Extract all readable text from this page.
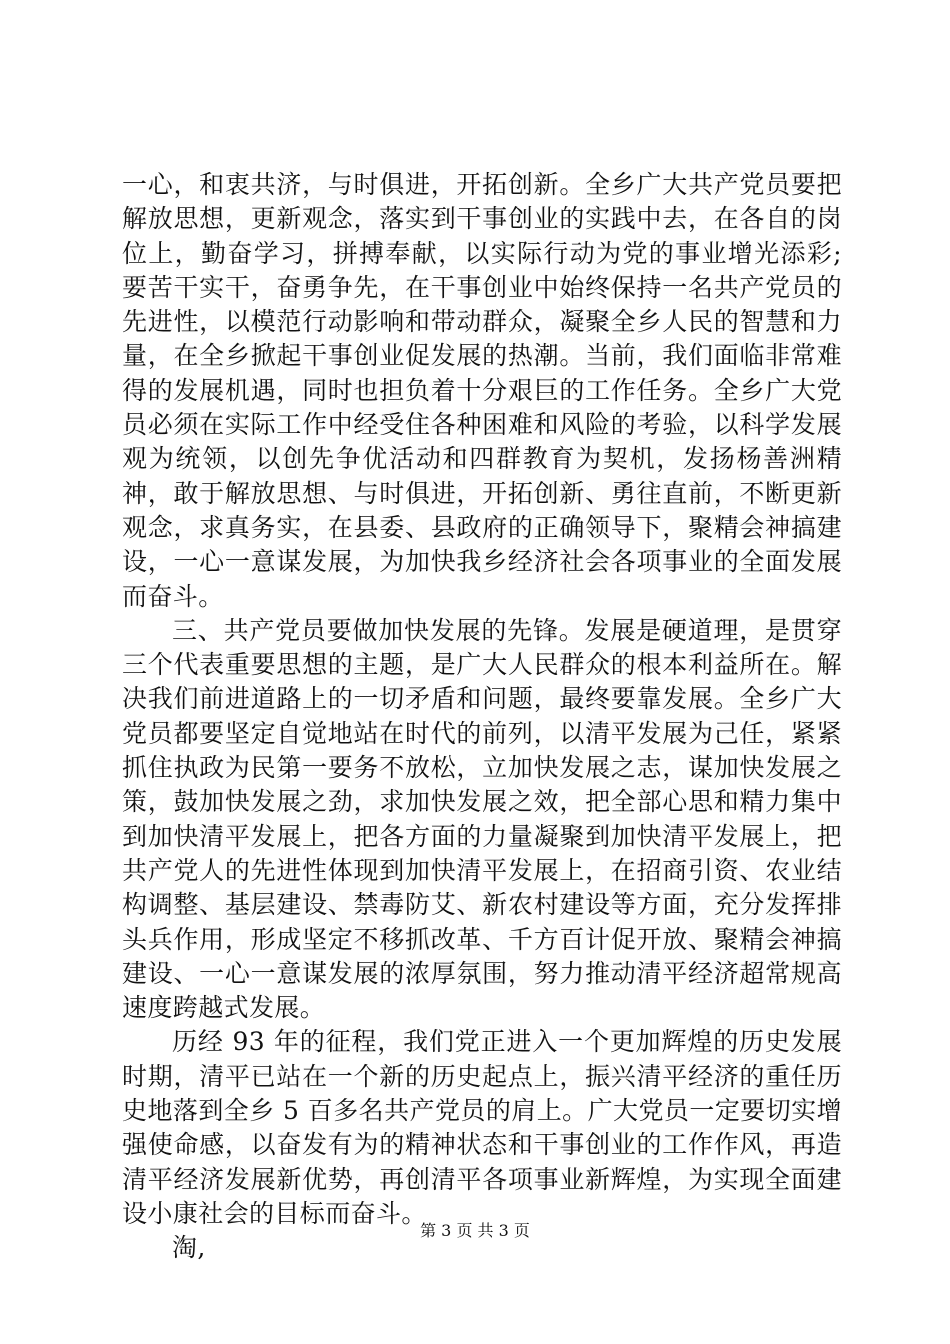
一心，和衷共济，与时俱进，开拓创新。全乡广大共产党员要把解放思想，更新观念，落实到干事创业的实践中去，在各自的岗位上，勤奋学习，拼搏奉献，以实际行动为党的事业增光添彩;要苦干实干，奋勇争先，在干事创业中始终保持一名共产党员的先进性，以模范行动影响和带动群众，凝聚全乡人民的智慧和力量，在全乡掀起干事创业促发展的热潮。当前，我们面临非常难得的发展机遇，同时也担负着十分艰巨的工作任务。全乡广大党员必须在实际工作中经受住各种困难和风险的考验，以科学发展观为统领，以创先争优活动和四群教育为契机，发扬杨善洲精神，敢于解放思想、与时俱进，开拓创新、勇往直前，不断更新观念，求真务实，在县委、县政府的正确领导下，聚精会神搞建设，一心一意谋发展，为加快我乡经济社会各项事业的全面发展而奋斗。

三、共产党员要做加快发展的先锋。发展是硬道理，是贯穿三个代表重要思想的主题，是广大人民群众的根本利益所在。解决我们前进道路上的一切矛盾和问题，最终要靠发展。全乡广大党员都要坚定自觉地站在时代的前列，以清平发展为己任，紧紧抓住执政为民第一要务不放松，立加快发展之志，谋加快发展之策，鼓加快发展之劲，求加快发展之效，把全部心思和精力集中到加快清平发展上，把各方面的力量凝聚到加快清平发展上，把共产党人的先进性体现到加快清平发展上，在招商引资、农业结构调整、基层建设、禁毒防艾、新农村建设等方面，充分发挥排头兵作用，形成坚定不移抓改革、千方百计促开放、聚精会神搞建设、一心一意谋发展的浓厚氛围，努力推动清平经济超常规高速度跨越式发展。

历经 93 年的征程，我们党正进入一个更加辉煌的历史发展时期，清平已站在一个新的历史起点上，振兴清平经济的重任历史地落到全乡 5 百多名共产党员的肩上。广大党员一定要切实增强使命感，以奋发有为的精神状态和干事创业的工作作风，再造清平经济发展新优势，再创清平各项事业新辉煌，为实现全面建设小康社会的目标而奋斗。

淘,

第 3 页 共 3 页
